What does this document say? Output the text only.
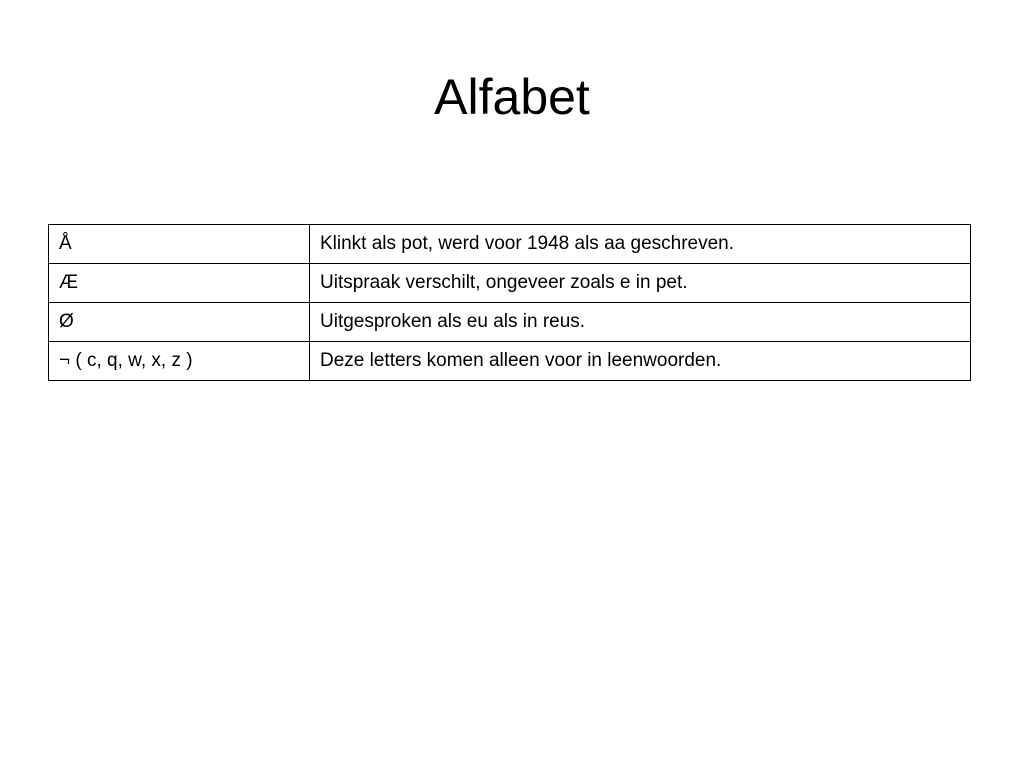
Alfabet
Å	Klinkt als pot, werd voor 1948 als aa geschreven.
Æ	Uitspraak verschilt, ongeveer zoals e in pet.
Ø	Uitgesproken als eu als in reus.
¬ ( c, q, w, x, z )	Deze letters komen alleen voor in leenwoorden.
